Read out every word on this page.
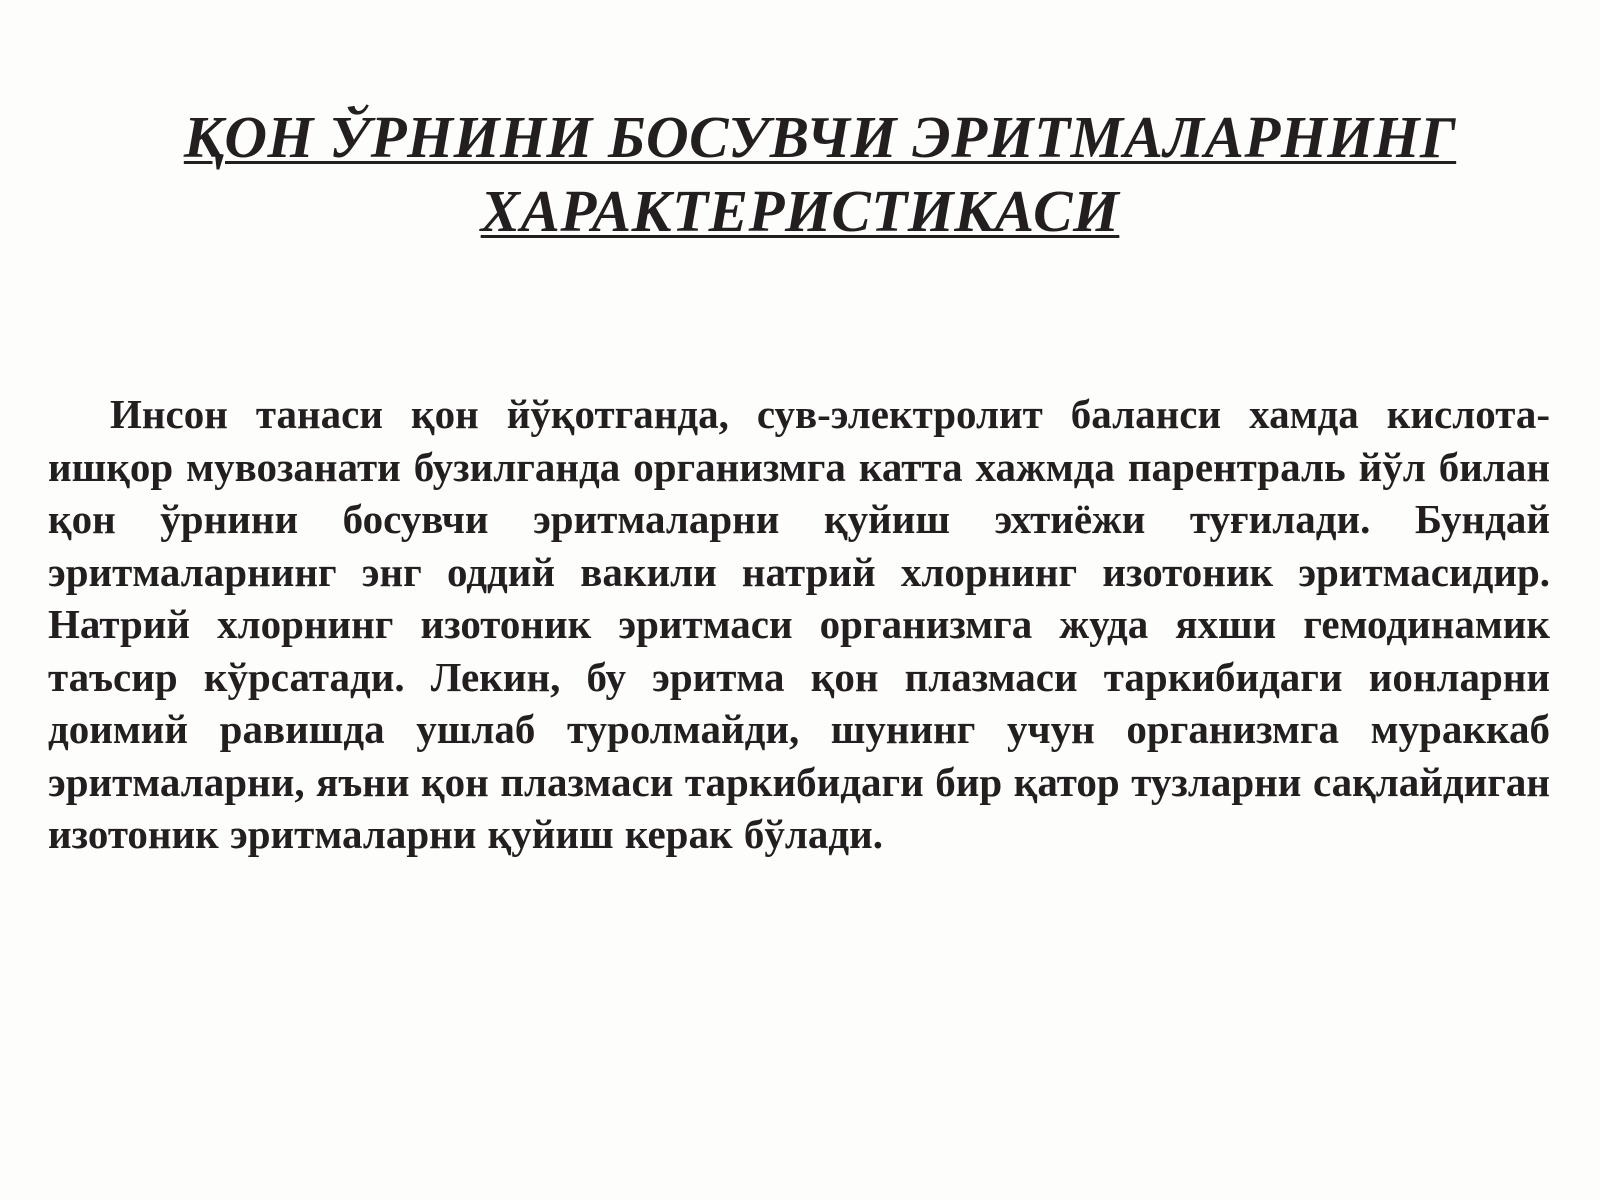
ҚОН ЎРНИНИ БОСУВЧИ ЭРИТМАЛАРНИНГ
ХАРАКТЕРИСТИКАСИ

Инсон танаси қон йўқотганда, сув-электролит баланси хамда кислота-ишқор мувозанати бузилганда организмга катта хажмда парентраль йўл билан қон ўрнини босувчи эритмаларни қуйиш эхтиёжи туғилади. Бундай эритмаларнинг энг оддий вакили натрий хлорнинг изотоник эритмасидир. Натрий хлорнинг изотоник эритмаси организмга жуда яхши гемодинамик таъсир кўрсатади. Лекин, бу эритма қон плазмаси таркибидаги ионларни доимий равишда ушлаб туролмайди, шунинг учун организмга мураккаб эритмаларни, яъни қон плазмаси таркибидаги бир қатор тузларни сақлайдиган изотоник эритмаларни қуйиш керак бўлади.
